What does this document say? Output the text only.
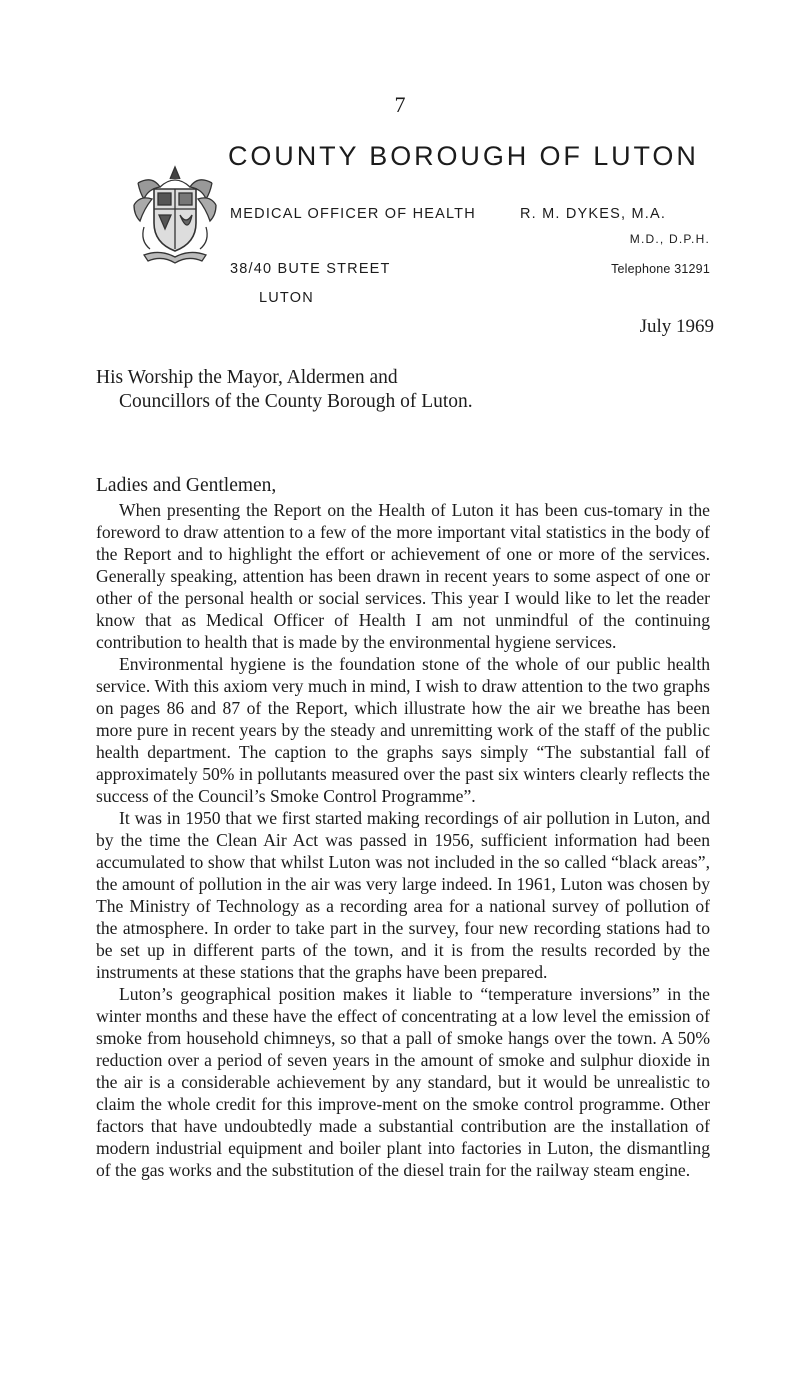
7
COUNTY BOROUGH OF LUTON
MEDICAL OFFICER OF HEALTH
38/40 BUTE STREET
LUTON
R. M. DYKES, M.A.
M.D., D.P.H.
Telephone 31291
July 1969
His Worship the Mayor, Aldermen and
Councillors of the County Borough of Luton.
Ladies and Gentlemen,

When presenting the Report on the Health of Luton it has been cus-tomary in the foreword to draw attention to a few of the more important vital statistics in the body of the Report and to highlight the effort or achievement of one or more of the services. Generally speaking, attention has been drawn in recent years to some aspect of one or other of the personal health or social services. This year I would like to let the reader know that as Medical Officer of Health I am not unmindful of the continuing contribution to health that is made by the environmental hygiene services.

Environmental hygiene is the foundation stone of the whole of our public health service. With this axiom very much in mind, I wish to draw attention to the two graphs on pages 86 and 87 of the Report, which illustrate how the air we breathe has been more pure in recent years by the steady and unremitting work of the staff of the public health department. The caption to the graphs says simply “The substantial fall of approximately 50% in pollutants measured over the past six winters clearly reflects the success of the Council’s Smoke Control Programme”.

It was in 1950 that we first started making recordings of air pollution in Luton, and by the time the Clean Air Act was passed in 1956, sufficient information had been accumulated to show that whilst Luton was not included in the so called “black areas”, the amount of pollution in the air was very large indeed. In 1961, Luton was chosen by The Ministry of Technology as a recording area for a national survey of pollution of the atmosphere. In order to take part in the survey, four new recording stations had to be set up in different parts of the town, and it is from the results recorded by the instruments at these stations that the graphs have been prepared.

Luton’s geographical position makes it liable to “temperature inversions” in the winter months and these have the effect of concentrating at a low level the emission of smoke from household chimneys, so that a pall of smoke hangs over the town. A 50% reduction over a period of seven years in the amount of smoke and sulphur dioxide in the air is a considerable achievement by any standard, but it would be unrealistic to claim the whole credit for this improve-ment on the smoke control programme. Other factors that have undoubtedly made a substantial contribution are the installation of modern industrial equipment and boiler plant into factories in Luton, the dismantling of the gas works and the substitution of the diesel train for the railway steam engine.
